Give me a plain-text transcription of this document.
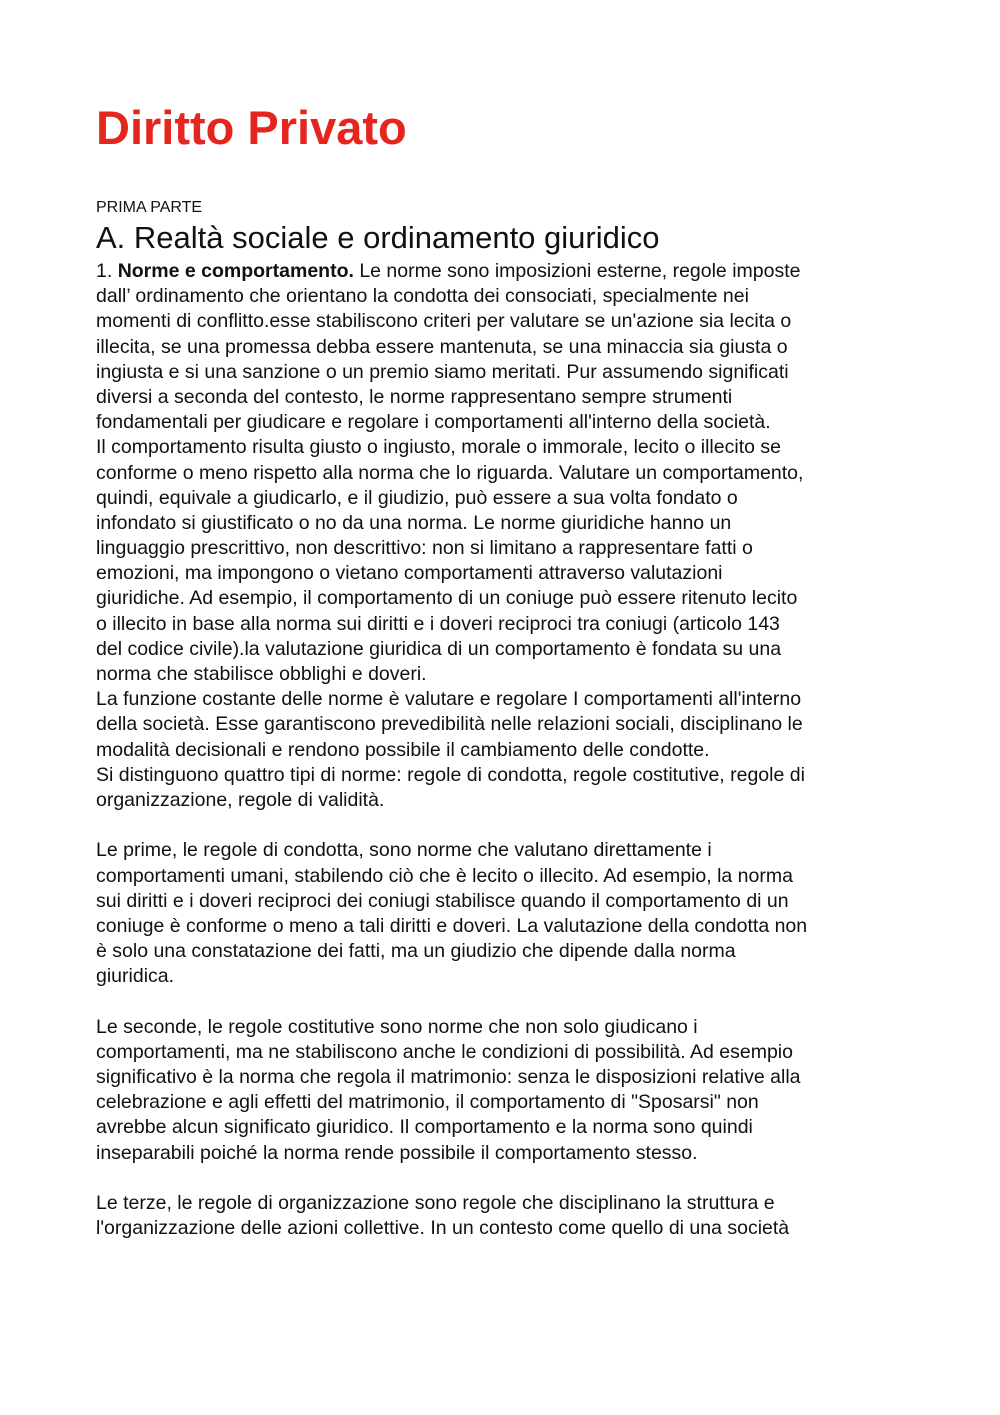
Diritto Privato
PRIMA PARTE
A. Realtà sociale e ordinamento giuridico
1. Norme e comportamento. Le norme sono imposizioni esterne, regole imposte
dall’ ordinamento che orientano la condotta dei consociati, specialmente nei
momenti di conflitto.esse stabiliscono criteri per valutare se un'azione sia lecita o
illecita, se una promessa debba essere mantenuta, se una minaccia sia giusta o
ingiusta e si una sanzione o un premio siamo meritati. Pur assumendo significati
diversi a seconda del contesto, le norme rappresentano sempre strumenti
fondamentali per giudicare e regolare i comportamenti all'interno della società.
Il comportamento risulta giusto o ingiusto, morale o immorale, lecito o illecito se
conforme o meno rispetto alla norma che lo riguarda. Valutare un comportamento,
quindi, equivale a giudicarlo, e il giudizio, può essere a sua volta fondato o
infondato si giustificato o no da una norma. Le norme giuridiche hanno un
linguaggio prescrittivo, non descrittivo: non si limitano a rappresentare fatti o
emozioni, ma impongono o vietano comportamenti attraverso valutazioni
giuridiche. Ad esempio, il comportamento di un coniuge può essere ritenuto lecito
o illecito in base alla norma sui diritti e i doveri reciproci tra coniugi (articolo 143
del codice civile).la valutazione giuridica di un comportamento è fondata su una
norma che stabilisce obblighi e doveri.
La funzione costante delle norme è valutare e regolare I comportamenti all'interno
della società. Esse garantiscono prevedibilità nelle relazioni sociali, disciplinano le
modalità decisionali e rendono possibile il cambiamento delle condotte.
Si distinguono quattro tipi di norme: regole di condotta, regole costitutive, regole di
organizzazione, regole di validità.
Le prime, le regole di condotta, sono norme che valutano direttamente i
comportamenti umani, stabilendo ciò che è lecito o illecito. Ad esempio, la norma
sui diritti e i doveri reciproci dei coniugi stabilisce quando il comportamento di un
coniuge è conforme o meno a tali diritti e doveri. La valutazione della condotta non
è solo una constatazione dei fatti, ma un giudizio che dipende dalla norma
giuridica.
Le seconde, le regole costitutive sono norme che non solo giudicano i
comportamenti, ma ne stabiliscono anche le condizioni di possibilità. Ad esempio
significativo è la norma che regola il matrimonio: senza le disposizioni relative alla
celebrazione e agli effetti del matrimonio, il comportamento di "Sposarsi" non
avrebbe alcun significato giuridico. Il comportamento e la norma sono quindi
inseparabili poiché la norma rende possibile il comportamento stesso.
Le terze, le regole di organizzazione sono regole che disciplinano la struttura e
l'organizzazione delle azioni collettive. In un contesto come quello di una società
